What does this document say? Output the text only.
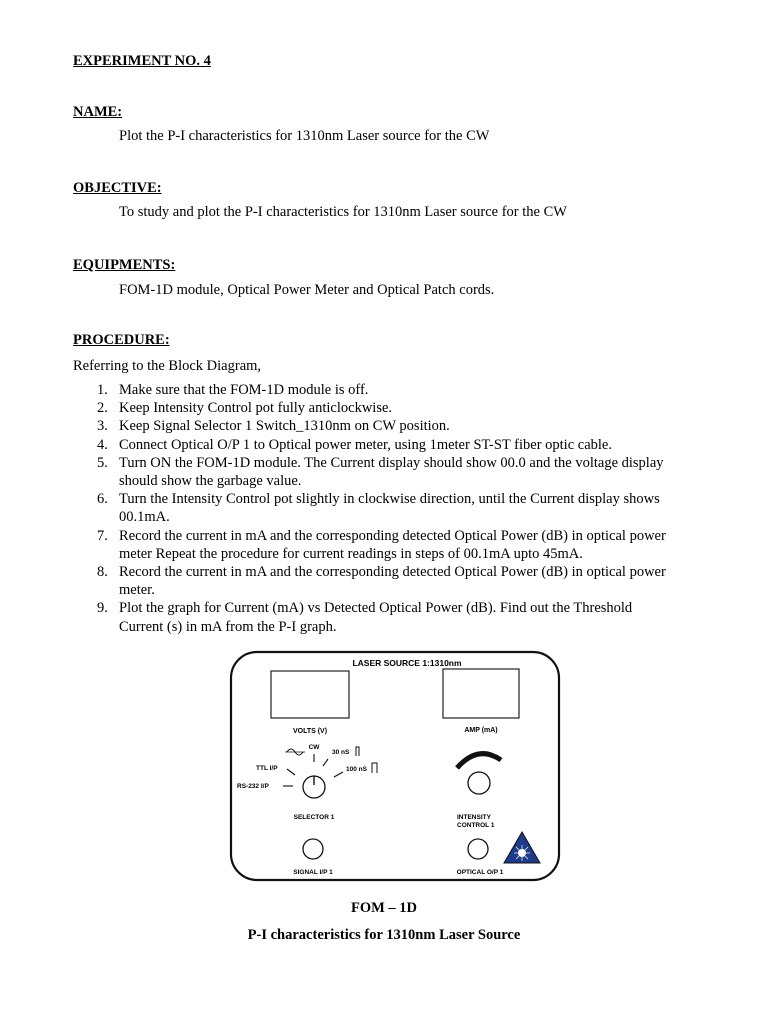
EXPERIMENT NO. 4
NAME:
Plot the P-I characteristics for 1310nm Laser source for the CW
OBJECTIVE:
To study and plot the P-I characteristics for 1310nm Laser source for the CW
EQUIPMENTS:
FOM-1D module, Optical Power Meter and Optical Patch cords.
PROCEDURE:
Referring to the Block Diagram,
1. Make sure that the FOM-1D module is off.
2. Keep Intensity Control pot fully anticlockwise.
3. Keep Signal Selector 1 Switch_1310nm on CW position.
4. Connect Optical O/P 1 to Optical power meter, using 1meter ST-ST fiber optic cable.
5. Turn ON the FOM-1D module. The Current display should show 00.0 and the voltage display
should show the garbage value.
6. Turn the Intensity Control pot slightly in clockwise direction, until the Current display shows
00.1mA.
7. Record the current in mA and the corresponding detected Optical Power (dB) in optical power
meter Repeat the procedure for current readings in steps of 00.1mA upto 45mA.
8. Record the current in mA and the corresponding detected Optical Power (dB) in optical power
meter.
9. Plot the graph for Current (mA) vs Detected Optical Power (dB). Find out the Threshold
Current (s) in mA from the P-I graph.
LASER SOURCE 1:1310nm
VOLTS (V)	AMP (mA)
CW
30 nS
100 nS
TTL I/P
RS-232 I/P
SELECTOR 1	INTENSITY
CONTROL 1
SIGNAL I/P 1	OPTICAL O/P 1
FOM – 1D
P-I characteristics for 1310nm Laser Source
